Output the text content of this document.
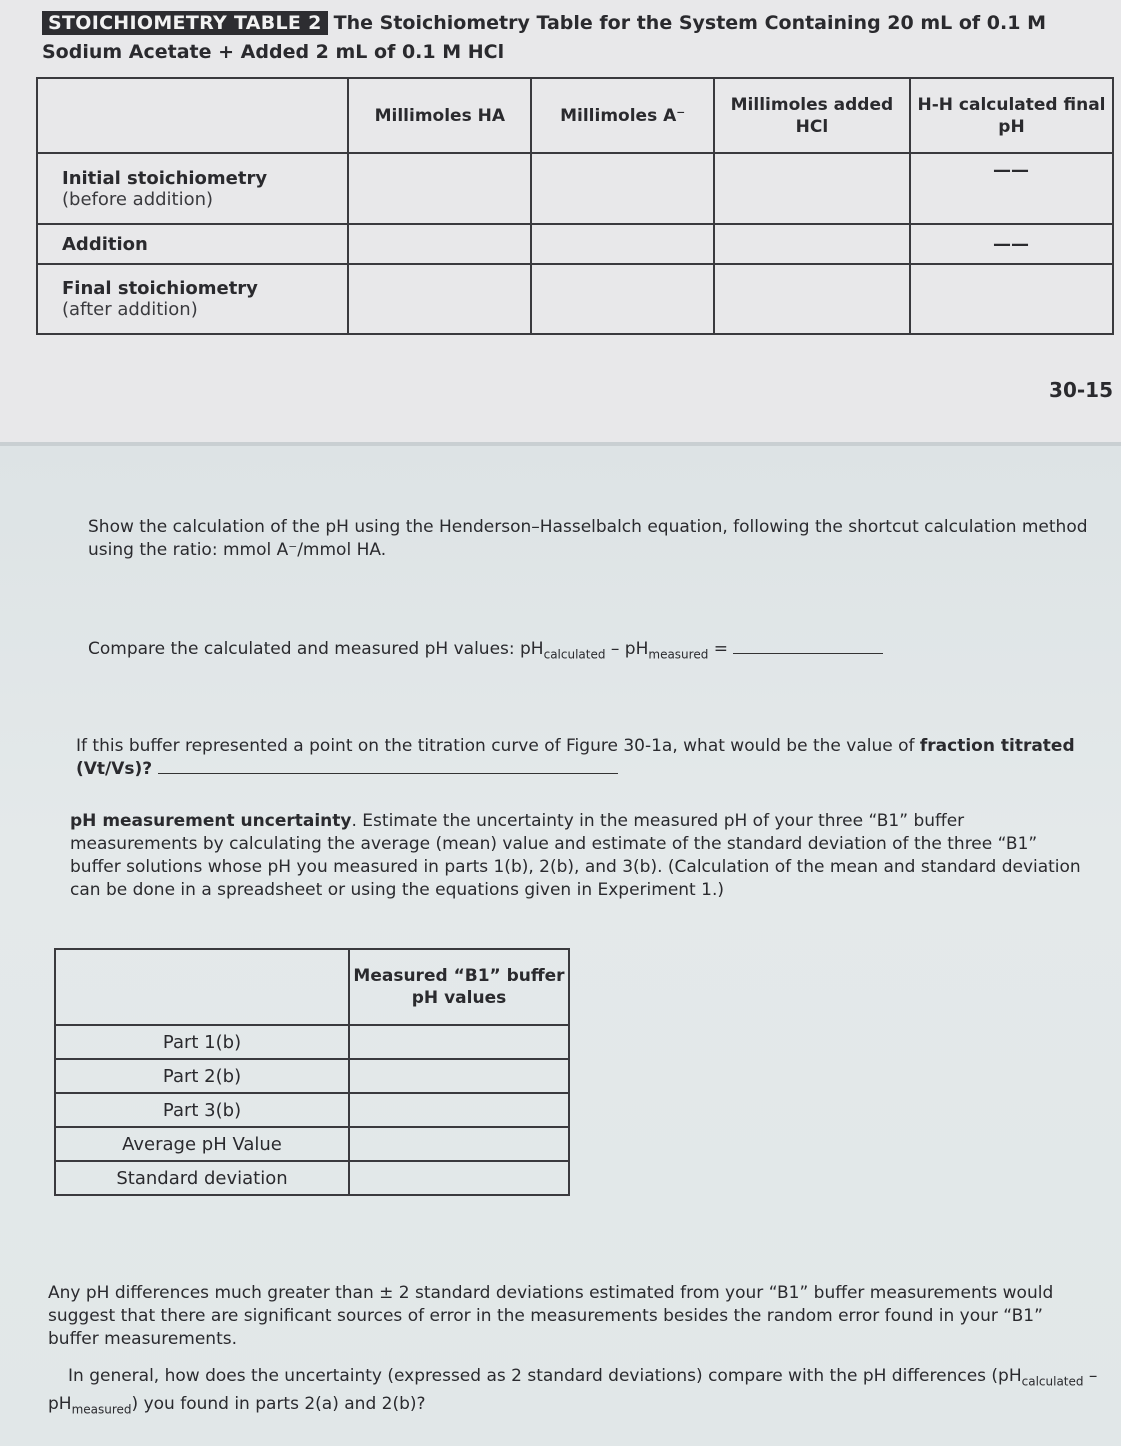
STOICHIOMETRY TABLE 2 The Stoichiometry Table for the System Containing 20 mL of 0.1 M
Sodium Acetate + Added 2 mL of 0.1 M HCl
	Millimoles HA	Millimoles A⁻	Millimoles added HCl	H-H calculated final pH

Initial stoichiometry
(before addition)				——

Addition				——

Final stoichiometry
(after addition)				

30-15
Show the calculation of the pH using the Henderson–Hasselbalch equation, following the shortcut calculation method using the ratio: mmol A⁻/mmol HA.
Compare the calculated and measured pH values: $pH_{calculated} - pH_{measured}$ =
If this buffer represented a point on the titration curve of Figure 30-1a, what would be the value of fraction titrated (Vt/Vs)?
pH measurement uncertainty. Estimate the uncertainty in the measured pH of your three “B1” buffer measurements by calculating the average (mean) value and estimate of the standard deviation of the three “B1” buffer solutions whose pH you measured in parts 1(b), 2(b), and 3(b). (Calculation of the mean and standard deviation can be done in a spreadsheet or using the equations given in Experiment 1.)
	Measured “B1” buffer pH values
Part 1(b)	
Part 2(b)	
Part 3(b)	
Average pH Value	
Standard deviation	
Any pH differences much greater than ± 2 standard deviations estimated from your “B1” buffer measurements would suggest that there are significant sources of error in the measurements besides the random error found in your “B1” buffer measurements.
In general, how does the uncertainty (expressed as 2 standard deviations) compare with the pH differences $(pH_{calculated} - pH_{measured})$ you found in parts 2(a) and 2(b)?
